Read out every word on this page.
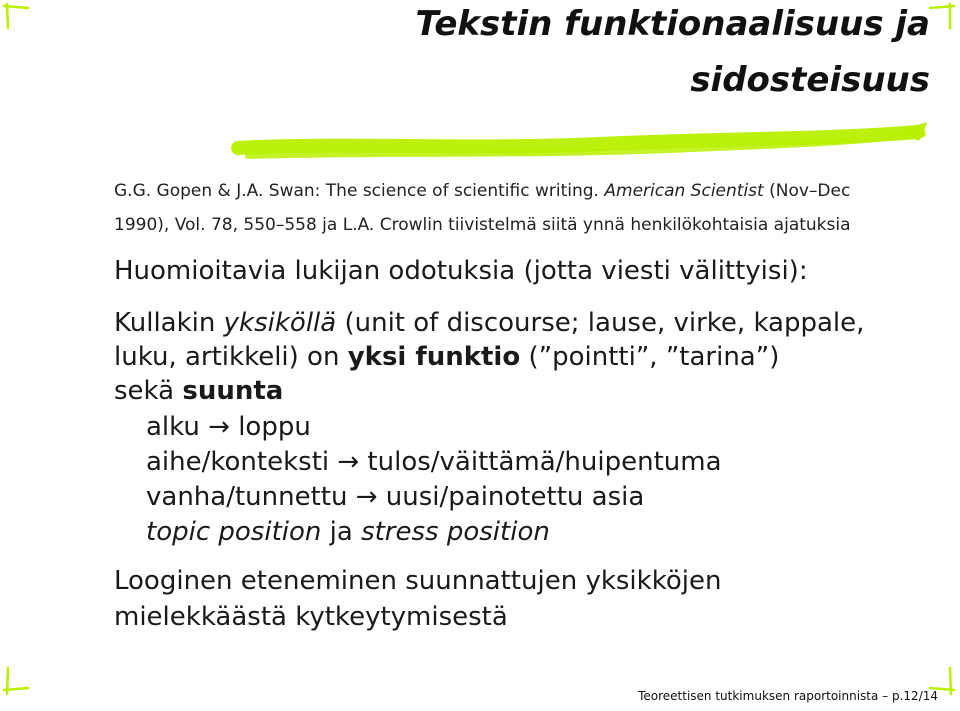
Tekstin funktionaalisuus ja
sidosteisuus
G.G. Gopen & J.A. Swan: The science of scientific writing. American Scientist (Nov–Dec
1990), Vol. 78, 550–558 ja L.A. Crowlin tiivistelmä siitä ynnä henkilökohtaisia ajatuksia
Huomioitavia lukijan odotuksia (jotta viesti välittyisi):
Kullakin yksiköllä (unit of discourse; lause, virke, kappale,
luku, artikkeli) on yksi funktio (”pointti”, ”tarina”)
sekä suunta
alku → loppu
aihe/konteksti → tulos/väittämä/huipentuma
vanha/tunnettu → uusi/painotettu asia
topic position ja stress position
Looginen eteneminen suunnattujen yksikköjen
mielekkäästä kytkeytymisestä
Teoreettisen tutkimuksen raportoinnista – p.12/14
